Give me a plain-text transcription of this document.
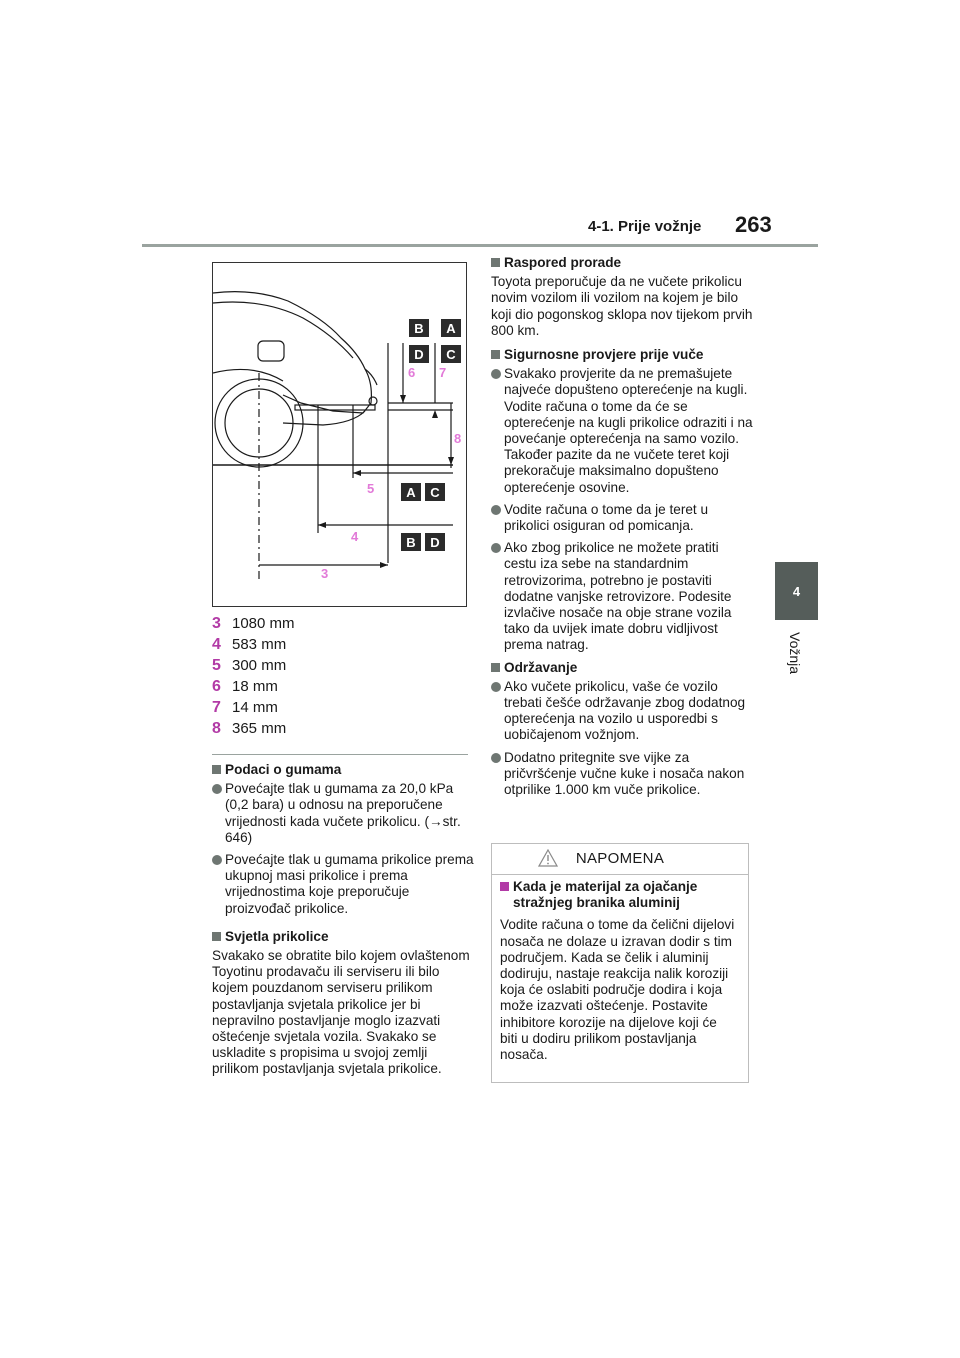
4-1. Prije vožnje 263
4
Vožnja
B A
D C
A C
B D
6 7
8
5
4
3
3 1080 mm
4 583 mm
5 300 mm
6 18 mm
7 14 mm
8 365 mm
Podaci o gumama
Povećajte tlak u gumama za 20,0 kPa (0,2 bara) u odnosu na preporučene vrijednosti kada vučete prikolicu. (→str. 646)
Povećajte tlak u gumama prikolice prema ukupnoj masi prikolice i prema vrijednostima koje preporučuje proizvođač prikolice.
Svjetla prikolice
Svakako se obratite bilo kojem ovlaštenom Toyotinu prodavaču ili serviseru ili bilo kojem pouzdanom serviseru prilikom postavljanja svjetala prikolice jer bi nepravilno postavljanje moglo izazvati oštećenje svjetala vozila. Svakako se uskladite s propisima u svojoj zemlji prilikom postavljanja svjetala prikolice.
Raspored prorade
Toyota preporučuje da ne vučete prikolicu novim vozilom ili vozilom na kojem je bilo koji dio pogonskog sklopa nov tijekom prvih 800 km.
Sigurnosne provjere prije vuče
Svakako provjerite da ne premašujete najveće dopušteno opterećenje na kugli. Vodite računa o tome da će se opterećenje na kugli prikolice odraziti i na povećanje opterećenja na samo vozilo. Također pazite da ne vučete teret koji prekoračuje maksimalno dopušteno opterećenje osovine.
Vodite računa o tome da je teret u prikolici osiguran od pomicanja.
Ako zbog prikolice ne možete pratiti cestu iza sebe na standardnim retrovizorima, potrebno je postaviti dodatne vanjske retrovizore. Podesite izvlačive nosače na obje strane vozila tako da uvijek imate dobru vidljivost prema natrag.
Održavanje
Ako vučete prikolicu, vaše će vozilo trebati češće održavanje zbog dodatnog opterećenja na vozilo u usporedbi s uobičajenom vožnjom.
Dodatno pritegnite sve vijke za pričvršćenje vučne kuke i nosača nakon otprilike 1.000 km vuče prikolice.
NAPOMENA
Kada je materijal za ojačanje stražnjeg branika aluminij
Vodite računa o tome da čelični dijelovi nosača ne dolaze u izravan dodir s tim područjem. Kada se čelik i aluminij dodiruju, nastaje reakcija nalik koroziji koja će oslabiti područje dodira i koja može izazvati oštećenje. Postavite inhibitore korozije na dijelove koji će biti u dodiru prilikom postavljanja nosača.
